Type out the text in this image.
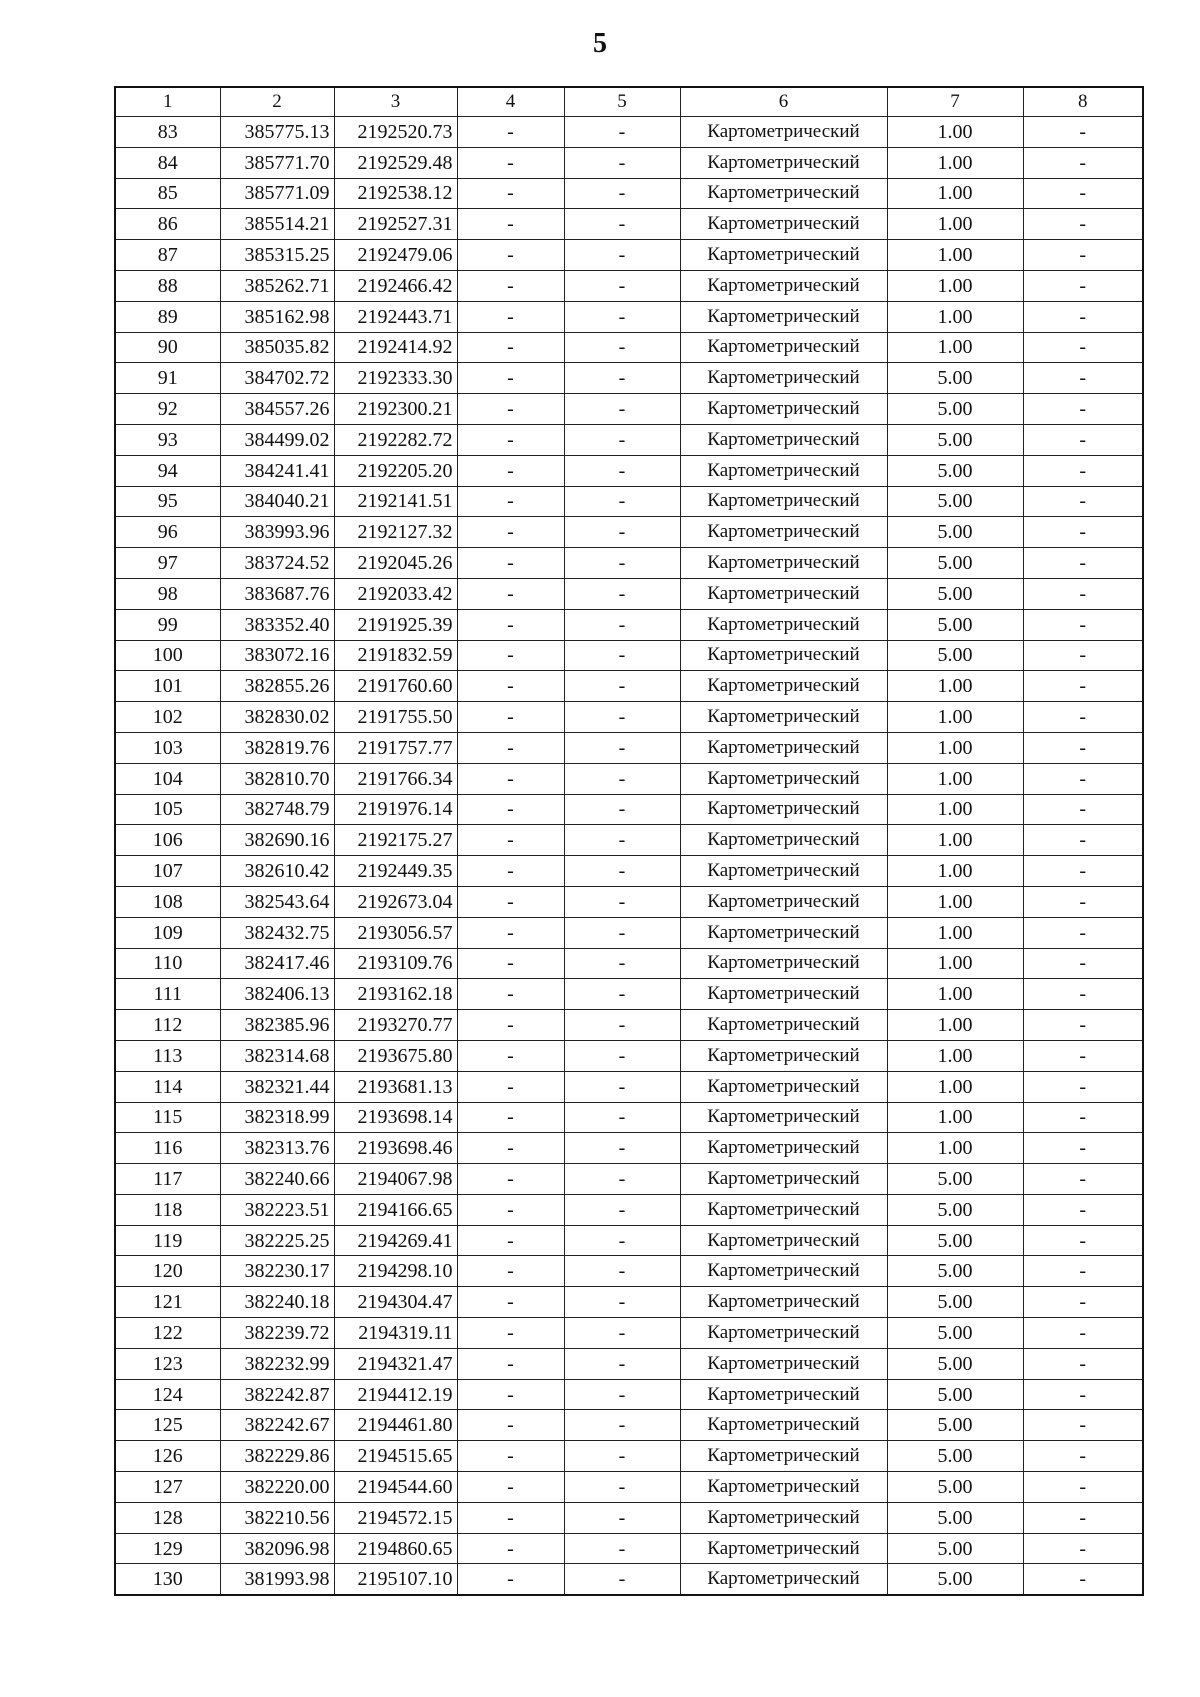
5
1	2	3	4	5	6	7	8
83	385775.13	2192520.73	-	-	Картометрический	1.00	-
84	385771.70	2192529.48	-	-	Картометрический	1.00	-
85	385771.09	2192538.12	-	-	Картометрический	1.00	-
86	385514.21	2192527.31	-	-	Картометрический	1.00	-
87	385315.25	2192479.06	-	-	Картометрический	1.00	-
88	385262.71	2192466.42	-	-	Картометрический	1.00	-
89	385162.98	2192443.71	-	-	Картометрический	1.00	-
90	385035.82	2192414.92	-	-	Картометрический	1.00	-
91	384702.72	2192333.30	-	-	Картометрический	5.00	-
92	384557.26	2192300.21	-	-	Картометрический	5.00	-
93	384499.02	2192282.72	-	-	Картометрический	5.00	-
94	384241.41	2192205.20	-	-	Картометрический	5.00	-
95	384040.21	2192141.51	-	-	Картометрический	5.00	-
96	383993.96	2192127.32	-	-	Картометрический	5.00	-
97	383724.52	2192045.26	-	-	Картометрический	5.00	-
98	383687.76	2192033.42	-	-	Картометрический	5.00	-
99	383352.40	2191925.39	-	-	Картометрический	5.00	-
100	383072.16	2191832.59	-	-	Картометрический	5.00	-
101	382855.26	2191760.60	-	-	Картометрический	1.00	-
102	382830.02	2191755.50	-	-	Картометрический	1.00	-
103	382819.76	2191757.77	-	-	Картометрический	1.00	-
104	382810.70	2191766.34	-	-	Картометрический	1.00	-
105	382748.79	2191976.14	-	-	Картометрический	1.00	-
106	382690.16	2192175.27	-	-	Картометрический	1.00	-
107	382610.42	2192449.35	-	-	Картометрический	1.00	-
108	382543.64	2192673.04	-	-	Картометрический	1.00	-
109	382432.75	2193056.57	-	-	Картометрический	1.00	-
110	382417.46	2193109.76	-	-	Картометрический	1.00	-
111	382406.13	2193162.18	-	-	Картометрический	1.00	-
112	382385.96	2193270.77	-	-	Картометрический	1.00	-
113	382314.68	2193675.80	-	-	Картометрический	1.00	-
114	382321.44	2193681.13	-	-	Картометрический	1.00	-
115	382318.99	2193698.14	-	-	Картометрический	1.00	-
116	382313.76	2193698.46	-	-	Картометрический	1.00	-
117	382240.66	2194067.98	-	-	Картометрический	5.00	-
118	382223.51	2194166.65	-	-	Картометрический	5.00	-
119	382225.25	2194269.41	-	-	Картометрический	5.00	-
120	382230.17	2194298.10	-	-	Картометрический	5.00	-
121	382240.18	2194304.47	-	-	Картометрический	5.00	-
122	382239.72	2194319.11	-	-	Картометрический	5.00	-
123	382232.99	2194321.47	-	-	Картометрический	5.00	-
124	382242.87	2194412.19	-	-	Картометрический	5.00	-
125	382242.67	2194461.80	-	-	Картометрический	5.00	-
126	382229.86	2194515.65	-	-	Картометрический	5.00	-
127	382220.00	2194544.60	-	-	Картометрический	5.00	-
128	382210.56	2194572.15	-	-	Картометрический	5.00	-
129	382096.98	2194860.65	-	-	Картометрический	5.00	-
130	381993.98	2195107.10	-	-	Картометрический	5.00	-
